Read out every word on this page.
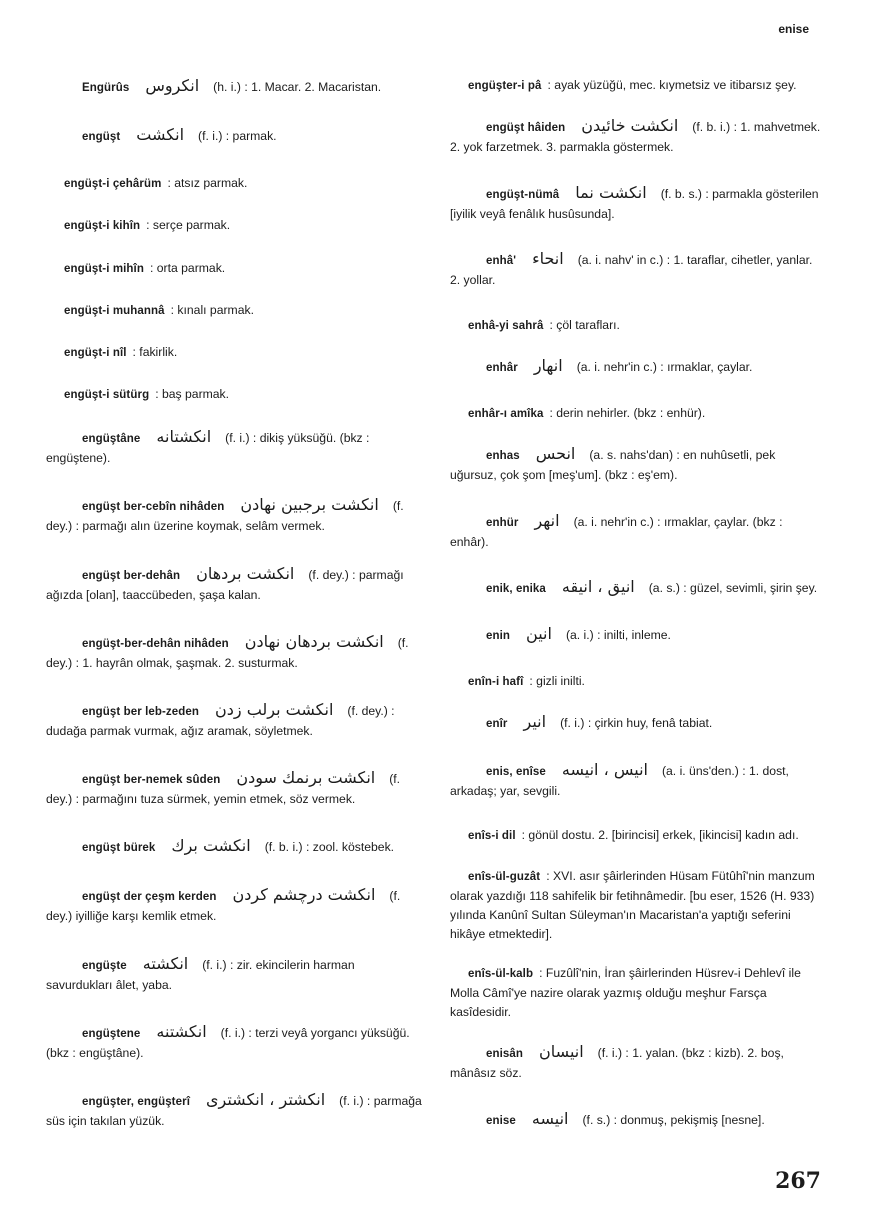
enise
Engürûs انكروس (h. i.) : 1. Macar. 2. Macaristan.
engüşt انكشت (f. i.) : parmak.
engüşt-i çehârüm : atsız parmak.
engüşt-i kihîn : serçe parmak.
engüşt-i mihîn : orta parmak.
engüşt-i muhannâ : kınalı parmak.
engüşt-i nîl : fakirlik.
engüşt-i sütürg : baş parmak.
engüştâne انكشتانه (f. i.) : dikiş yüksüğü. (bkz : engüştene).
engüşt ber-cebîn nihâden انكشت برجبين نهادن (f. dey.) : parmağı alın üzerine koymak, selâm vermek.
engüşt ber-dehân انكشت بردهان (f. dey.) : parmağı ağızda [olan], taaccübeden, şaşa kalan.
engüşt-ber-dehân nihâden انكشت بردهان نهادن (f. dey.) : 1. hayrân olmak, şaşmak. 2. susturmak.
engüşt ber leb-zeden انكشت برلب زدن (f. dey.) : dudağa parmak vurmak, ağız aramak, söyletmek.
engüşt ber-nemek sûden انكشت برنمك سودن (f. dey.) : parmağını tuza sürmek, yemin etmek, söz vermek.
engüşt bürek انكشت برك (f. b. i.) : zool. köstebek.
engüşt der çeşm kerden انكشت درچشم كردن (f. dey.) iyilliğe karşı kemlik etmek.
engüşte انكشته (f. i.) : zir. ekincilerin harman savurdukları âlet, yaba.
engüştene انكشتنه (f. i.) : terzi veyâ yorgancı yüksüğü. (bkz : engüştâne).
engüşter, engüşterî انكشتر ، انكشترى (f. i.) : parmağa süs için takılan yüzük.
engüşter-i pâ : ayak yüzüğü, mec. kıymetsiz ve itibarsız şey.
engüşt hâiden انكشت خائيدن (f. b. i.) : 1. mahvetmek. 2. yok farzetmek. 3. parmakla göstermek.
engüşt-nümâ انكشت نما (f. b. s.) : parmakla gösterilen [iyilik veyâ fenâlık husûsunda].
enhâ' انحاء (a. i. nahv' in c.) : 1. taraflar, cihetler, yanlar. 2. yollar.
enhâ-yi sahrâ : çöl tarafları.
enhâr انهار (a. i. nehr'in c.) : ırmaklar, çaylar.
enhâr-ı amîka : derin nehirler. (bkz : enhür).
enhas انحس (a. s. nahs'dan) : en nuhûsetli, pek uğursuz, çok şom [meş'um]. (bkz : eş'em).
enhür انهر (a. i. nehr'in c.) : ırmaklar, çaylar. (bkz : enhâr).
enik, enika انيق ، انيقه (a. s.) : güzel, sevimli, şirin şey.
enin انين (a. i.) : inilti, inleme.
enîn-i hafî : gizli inilti.
enîr انير (f. i.) : çirkin huy, fenâ tabiat.
enis, enîse انيس ، انيسه (a. i. üns'den.) : 1. dost, arkadaş; yar, sevgili.
enîs-i dil : gönül dostu. 2. [birincisi] erkek, [ikincisi] kadın adı.
enîs-ül-guzât : XVI. asır şâirlerinden Hüsam Fütûhî'nin manzum olarak yazdığı 118 sahifelik bir fetihnâmedir. [bu eser, 1526 (H. 933) yılında Kanûnî Sultan Süleyman'ın Macaristan'a yaptığı seferini hikâye etmektedir].
enîs-ül-kalb : Fuzûlî'nin, İran şâirlerinden Hüsrev-i Dehlevî ile Molla Câmî'ye nazire olarak yazmış olduğu meşhur Farsça kasîdesidir.
enisân انيسان (f. i.) : 1. yalan. (bkz : kizb). 2. boş, mânâsız söz.
enise انيسه (f. s.) : donmuş, pekişmiş [nesne].
267
